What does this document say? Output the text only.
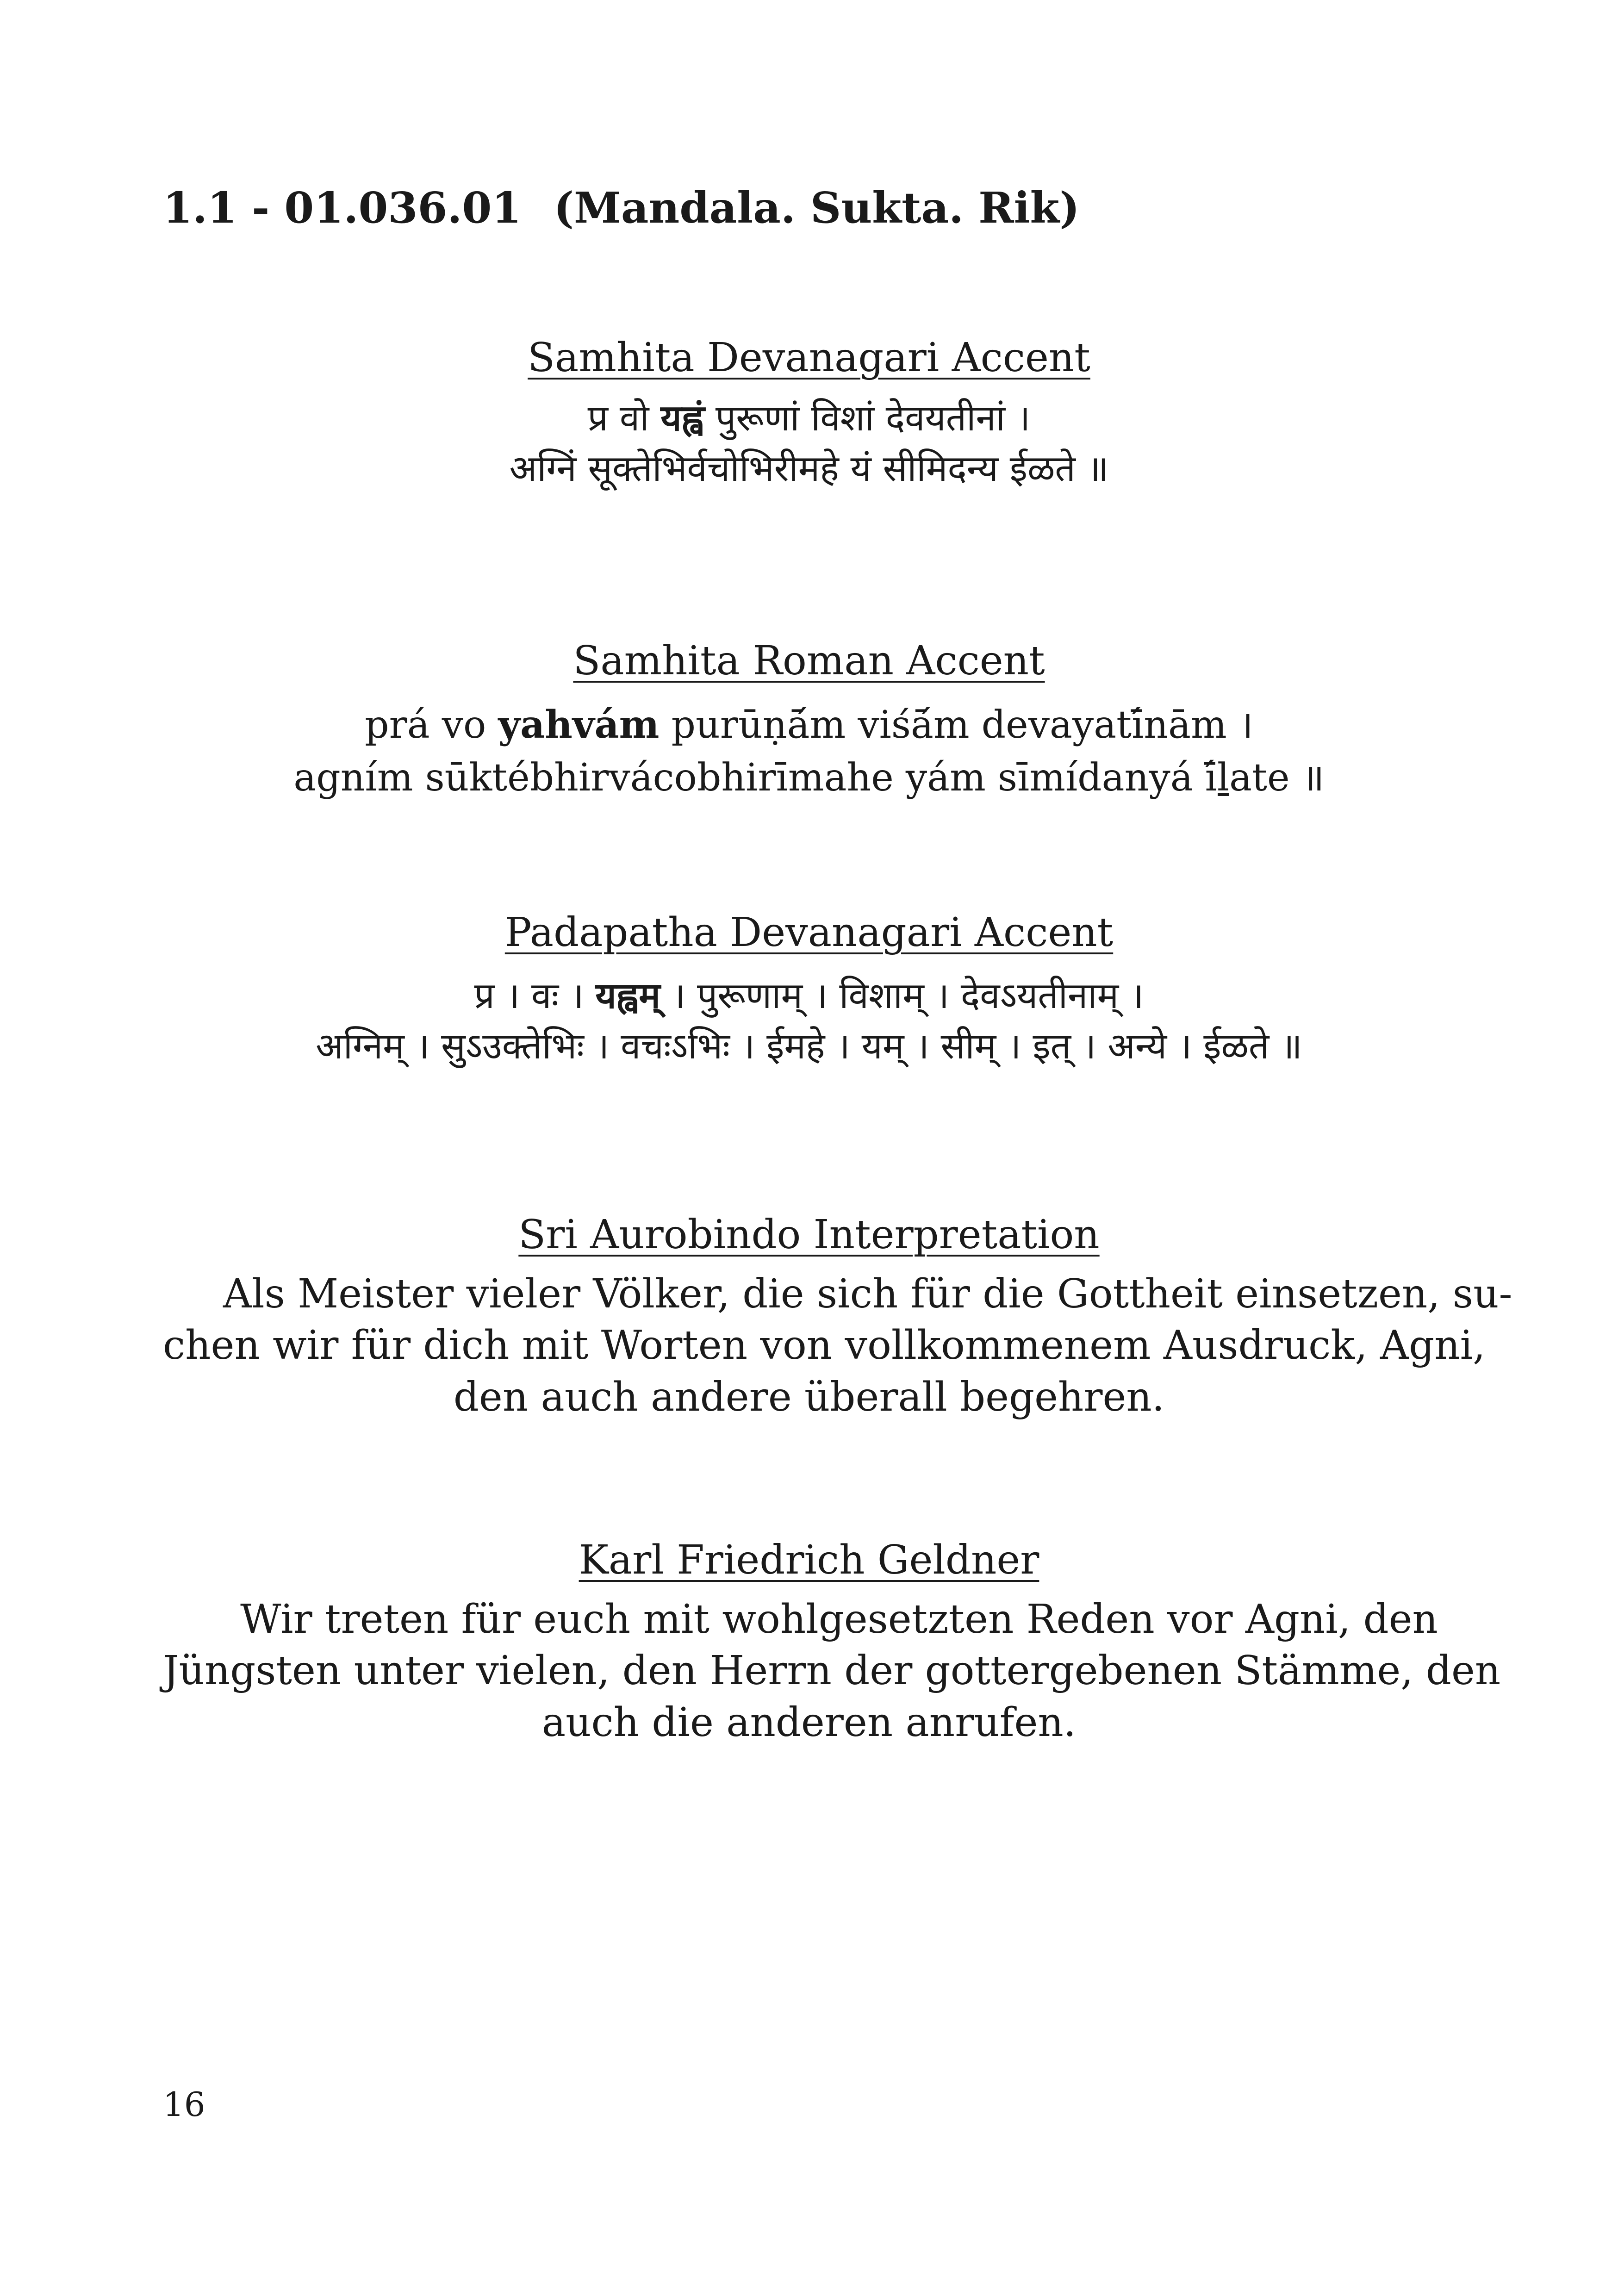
1.1 - 01.036.01 (Mandala. Sukta. Rik)
Samhita Devanagari Accent

प्र वो यह्वं पुरूणां विशां देवयतीनां ।
अग्निं सूक्तेभिर्वचोभिरीमहे यं सीमिदन्य ईळते ॥

Samhita Roman Accent

prá vo yahvám purūṇā́m viśā́m devayatī́nām ।
agním sūktébhirvácobhirīmahe yám sīmídanyá ī́ḻate ॥

Padapatha Devanagari Accent

प्र । वः । यह्वम् । पुरूणाम् । विशाम् । देवऽयतीनाम् ।
अग्निम् । सुऽउक्तेभिः । वचःऽभिः । ईमहे । यम् । सीम् । इत् । अन्ये । ईळते ॥

Sri Aurobindo Interpretation

Als Meister vieler Völker, die sich für die Gottheit einsetzen, su-
chen wir für dich mit Worten von vollkommenem Ausdruck, Agni,
den auch andere überall begehren.

Karl Friedrich Geldner

Wir treten für euch mit wohlgesetzten Reden vor Agni, den
Jüngsten unter vielen, den Herrn der gottergebenen Stämme, den
auch die anderen anrufen.

16
